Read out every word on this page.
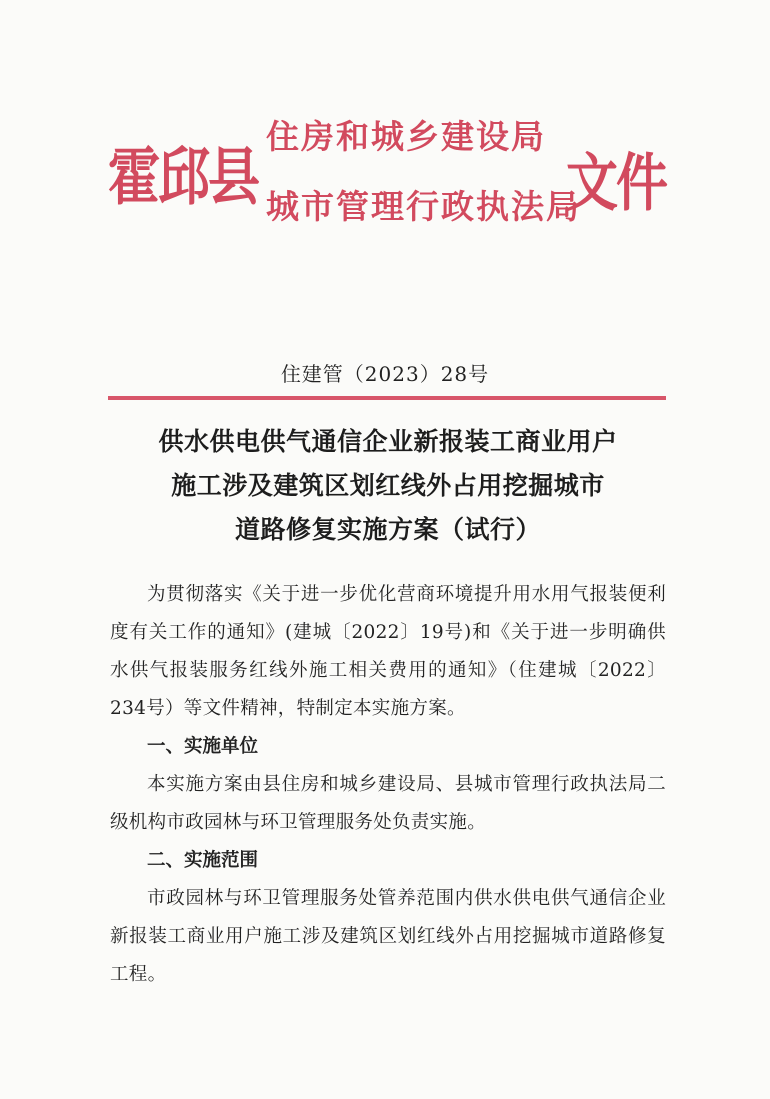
霍邱县
住房和城乡建设局
城市管理行政执法局
文件
住建管（2023）28号
供水供电供气通信企业新报装工商业用户
施工涉及建筑区划红线外占用挖掘城市
道路修复实施方案（试行）

为贯彻落实《关于进一步优化营商环境提升用水用气报装便利度有关工作的通知》(建城〔2022〕19号)和《关于进一步明确供水供气报装服务红线外施工相关费用的通知》（住建城〔2022〕234号）等文件精神，特制定本实施方案。

一、实施单位

本实施方案由县住房和城乡建设局、县城市管理行政执法局二级机构市政园林与环卫管理服务处负责实施。

二、实施范围

市政园林与环卫管理服务处管养范围内供水供电供气通信企业新报装工商业用户施工涉及建筑区划红线外占用挖掘城市道路修复工程。
